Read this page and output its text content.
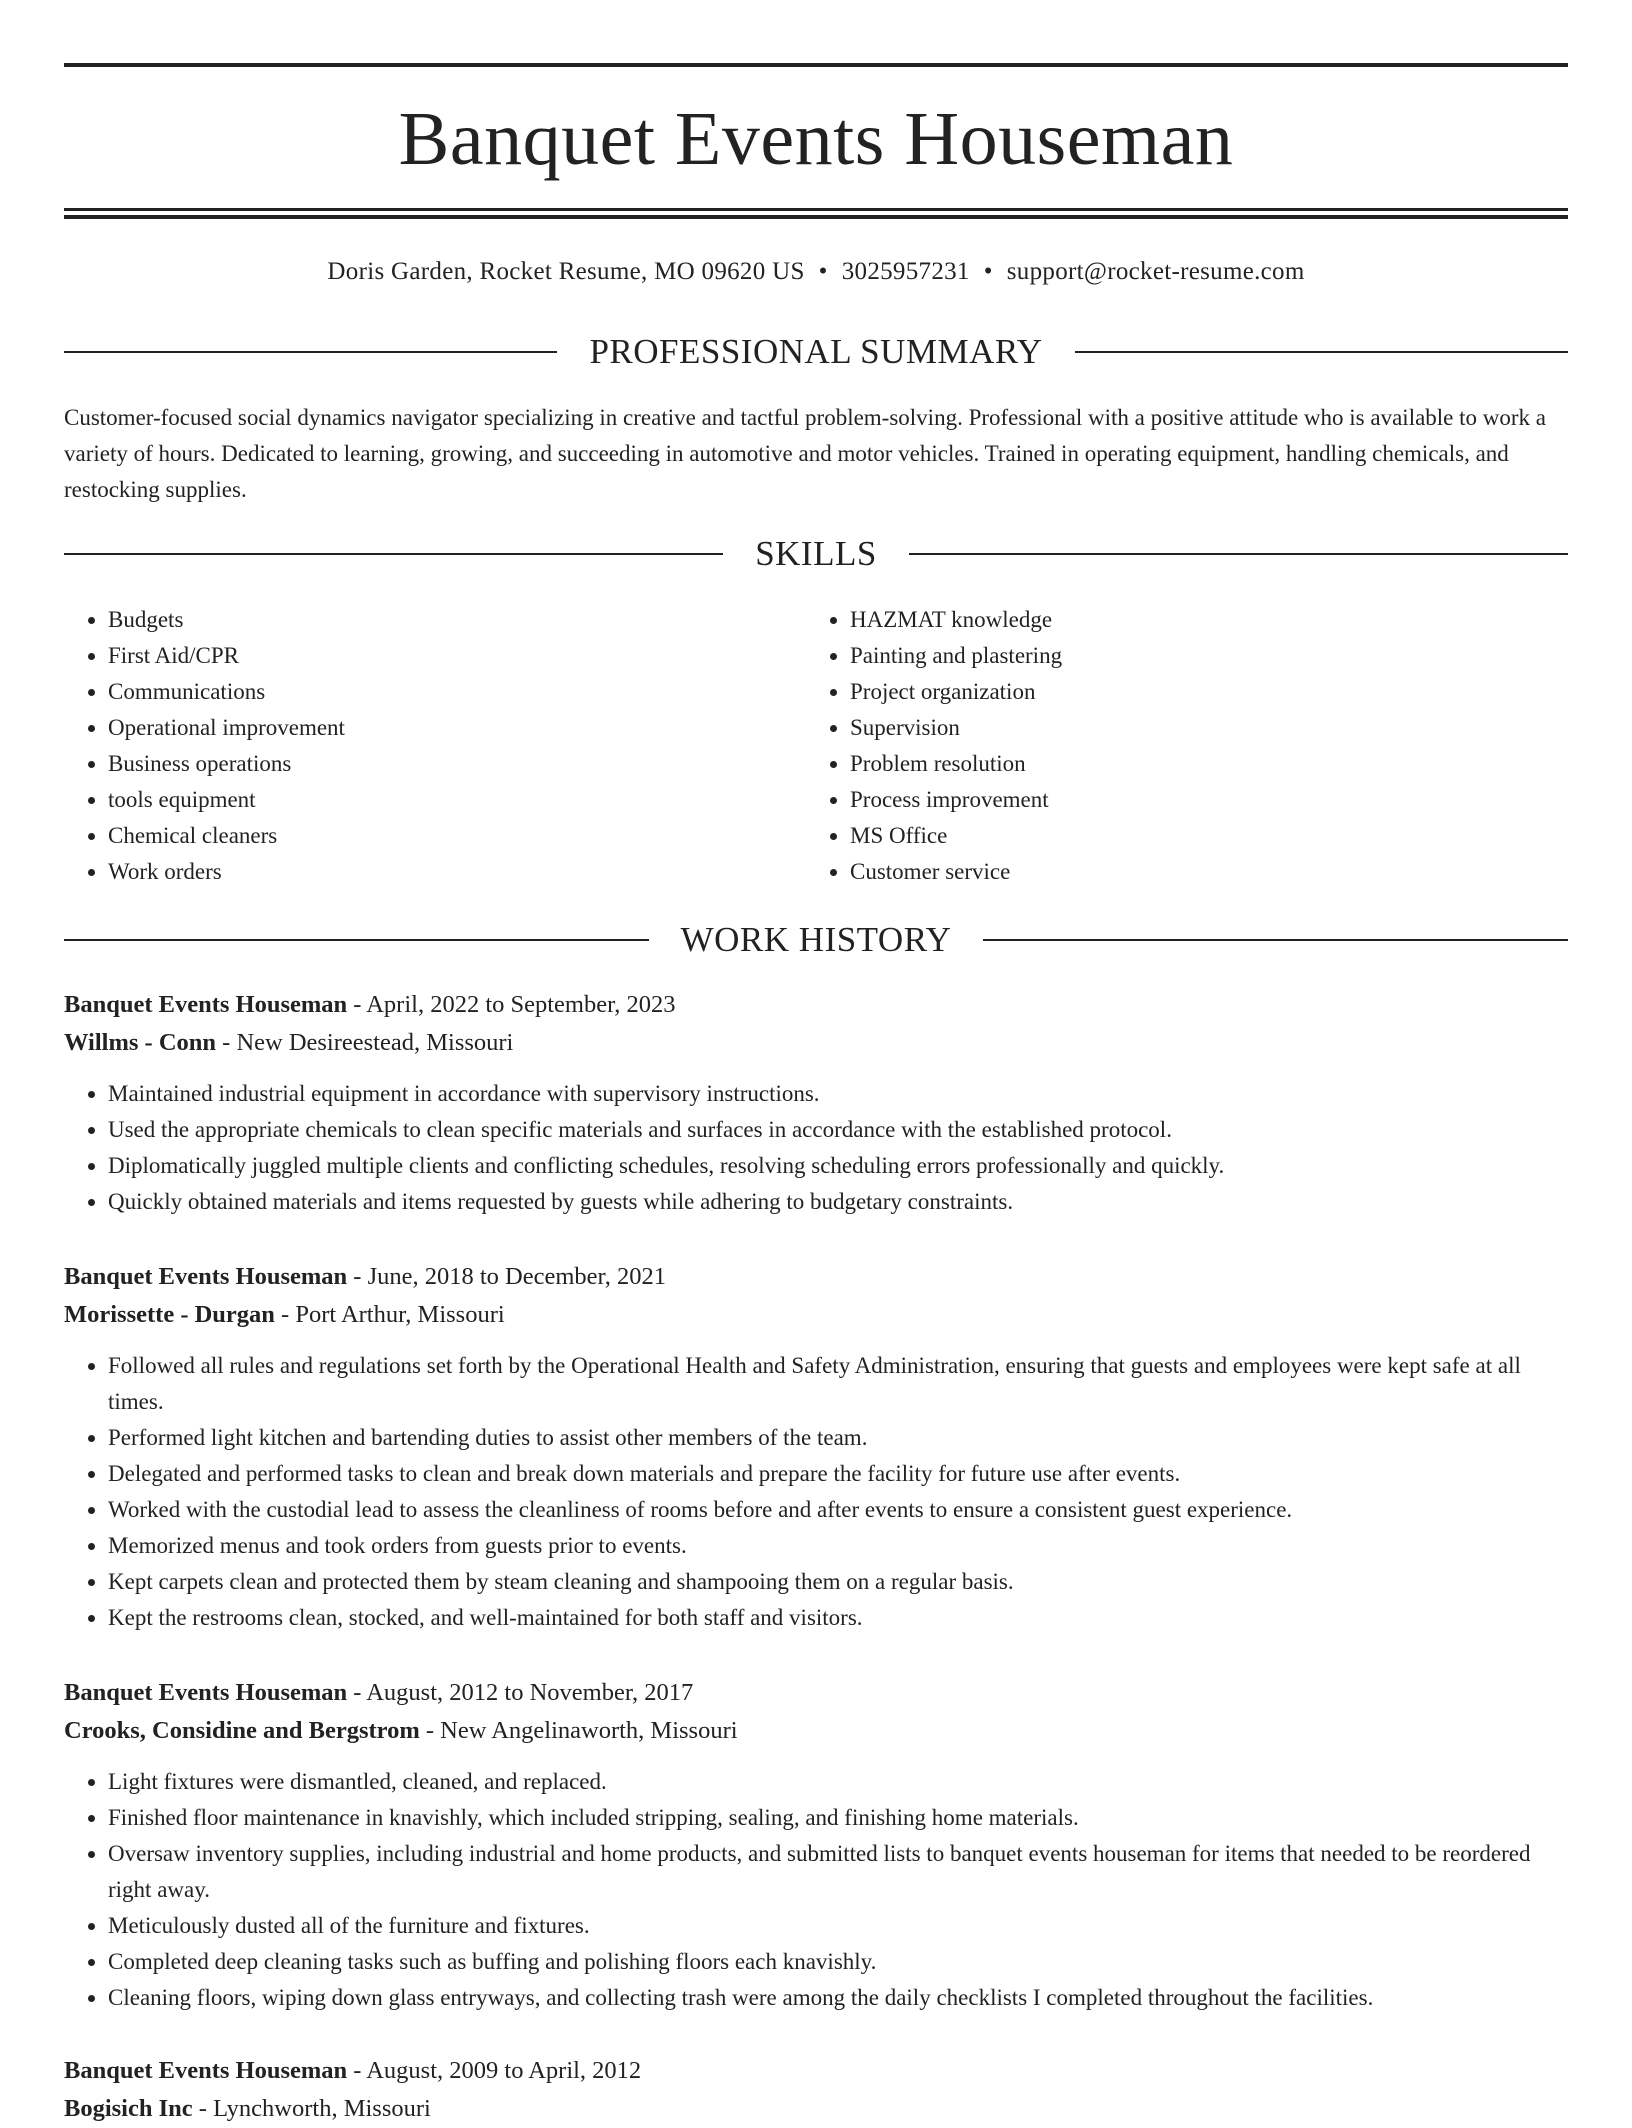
Banquet Events Houseman
Doris Garden, Rocket Resume, MO 09620 US • 3025957231 • support@rocket-resume.com
PROFESSIONAL SUMMARY

Customer-focused social dynamics navigator specializing in creative and tactful problem-solving. Professional with a positive attitude who is available to work a variety of hours. Dedicated to learning, growing, and succeeding in automotive and motor vehicles. Trained in operating equipment, handling chemicals, and restocking supplies.

SKILLS
• Budgets
• First Aid/CPR
• Communications
• Operational improvement
• Business operations
• tools equipment
• Chemical cleaners
• Work orders
• HAZMAT knowledge
• Painting and plastering
• Project organization
• Supervision
• Problem resolution
• Process improvement
• MS Office
• Customer service
WORK HISTORY
Banquet Events Houseman - April, 2022 to September, 2023
Willms - Conn - New Desireestead, Missouri
• Maintained industrial equipment in accordance with supervisory instructions.
• Used the appropriate chemicals to clean specific materials and surfaces in accordance with the established protocol.
• Diplomatically juggled multiple clients and conflicting schedules, resolving scheduling errors professionally and quickly.
• Quickly obtained materials and items requested by guests while adhering to budgetary constraints.
Banquet Events Houseman - June, 2018 to December, 2021
Morissette - Durgan - Port Arthur, Missouri
• Followed all rules and regulations set forth by the Operational Health and Safety Administration, ensuring that guests and employees were kept safe at all times.
• Performed light kitchen and bartending duties to assist other members of the team.
• Delegated and performed tasks to clean and break down materials and prepare the facility for future use after events.
• Worked with the custodial lead to assess the cleanliness of rooms before and after events to ensure a consistent guest experience.
• Memorized menus and took orders from guests prior to events.
• Kept carpets clean and protected them by steam cleaning and shampooing them on a regular basis.
• Kept the restrooms clean, stocked, and well-maintained for both staff and visitors.
Banquet Events Houseman - August, 2012 to November, 2017
Crooks, Considine and Bergstrom - New Angelinaworth, Missouri
• Light fixtures were dismantled, cleaned, and replaced.
• Finished floor maintenance in knavishly, which included stripping, sealing, and finishing home materials.
• Oversaw inventory supplies, including industrial and home products, and submitted lists to banquet events houseman for items that needed to be reordered right away.
• Meticulously dusted all of the furniture and fixtures.
• Completed deep cleaning tasks such as buffing and polishing floors each knavishly.
• Cleaning floors, wiping down glass entryways, and collecting trash were among the daily checklists I completed throughout the facilities.
Banquet Events Houseman - August, 2009 to April, 2012
Bogisich Inc - Lynchworth, Missouri
